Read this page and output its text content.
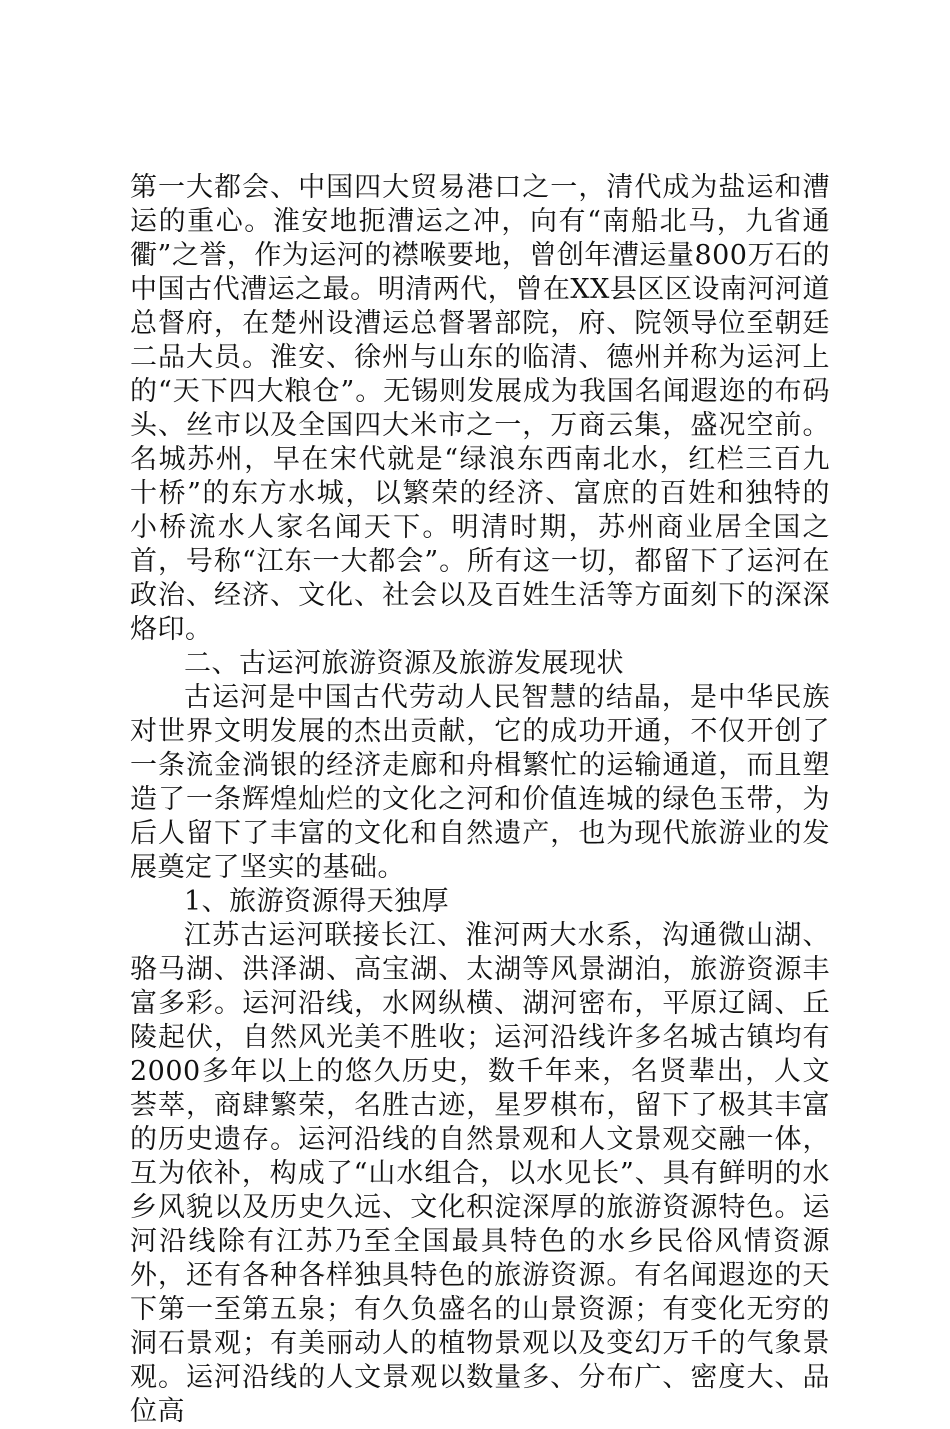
第一大都会、中国四大贸易港口之一，清代成为盐运和漕运的重心。淮安地扼漕运之冲，向有“南船北马，九省通衢”之誉，作为运河的襟喉要地，曾创年漕运量800万石的中国古代漕运之最。明清两代，曾在XX县区区设南河河道总督府，在楚州设漕运总督署部院，府、院领导位至朝廷二品大员。淮安、徐州与山东的临清、德州并称为运河上的“天下四大粮仓”。无锡则发展成为我国名闻遐迩的布码头、丝市以及全国四大米市之一，万商云集，盛况空前。名城苏州，早在宋代就是“绿浪东西南北水，红栏三百九十桥”的东方水城，以繁荣的经济、富庶的百姓和独特的小桥流水人家名闻天下。明清时期，苏州商业居全国之首，号称“江东一大都会”。所有这一切，都留下了运河在政治、经济、文化、社会以及百姓生活等方面刻下的深深烙印。

二、古运河旅游资源及旅游发展现状

古运河是中国古代劳动人民智慧的结晶，是中华民族对世界文明发展的杰出贡献，它的成功开通，不仅开创了一条流金淌银的经济走廊和舟楫繁忙的运输通道，而且塑造了一条辉煌灿烂的文化之河和价值连城的绿色玉带，为后人留下了丰富的文化和自然遗产，也为现代旅游业的发展奠定了坚实的基础。

1、旅游资源得天独厚

江苏古运河联接长江、淮河两大水系，沟通微山湖、骆马湖、洪泽湖、高宝湖、太湖等风景湖泊，旅游资源丰富多彩。运河沿线，水网纵横、湖河密布，平原辽阔、丘陵起伏，自然风光美不胜收；运河沿线许多名城古镇均有2000多年以上的悠久历史，数千年来，名贤辈出，人文荟萃，商肆繁荣，名胜古迹，星罗棋布，留下了极其丰富的历史遗存。运河沿线的自然景观和人文景观交融一体，互为依补，构成了“山水组合，以水见长”、具有鲜明的水乡风貌以及历史久远、文化积淀深厚的旅游资源特色。运河沿线除有江苏乃至全国最具特色的水乡民俗风情资源外，还有各种各样独具特色的旅游资源。有名闻遐迩的天下第一至第五泉；有久负盛名的山景资源；有变化无穷的洞石景观；有美丽动人的植物景观以及变幻万千的气象景观。运河沿线的人文景观以数量多、分布广、密度大、品位高
